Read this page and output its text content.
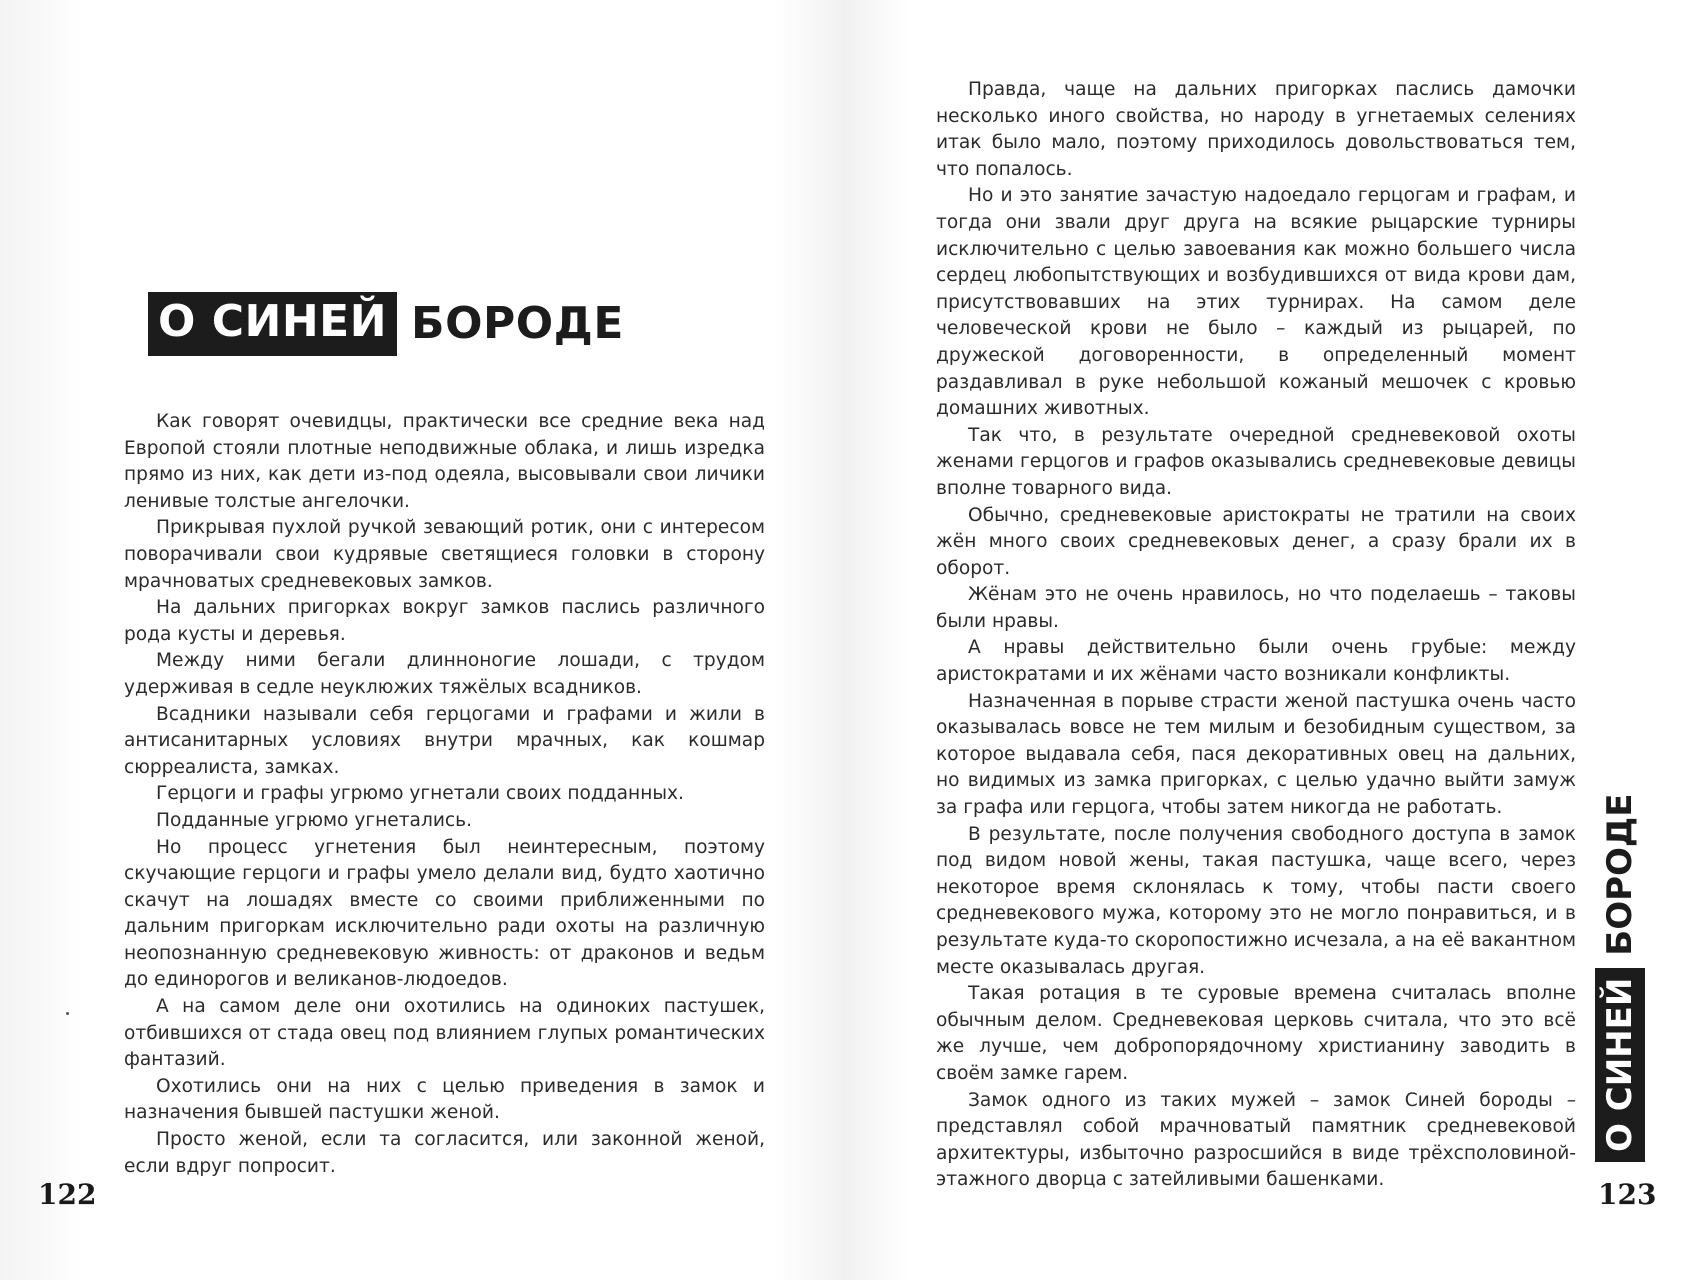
О СИНЕЙ БОРОДЕ

Как говорят очевидцы, практически все средние века над Европой стояли плотные неподвижные облака, и лишь изредка прямо из них, как дети из-под одеяла, высовывали свои личики ленивые толстые ангелочки.

Прикрывая пухлой ручкой зевающий ротик, они с интересом поворачивали свои кудрявые светящиеся головки в сторону мрачноватых средневековых замков.

На дальних пригорках вокруг замков паслись различного рода кусты и деревья.

Между ними бегали длинноногие лошади, с трудом удерживая в седле неуклюжих тяжёлых всадников.

Всадники называли себя герцогами и графами и жили в антисанитарных условиях внутри мрачных, как кошмар сюрреалиста, замках.

Герцоги и графы угрюмо угнетали своих подданных.

Подданные угрюмо угнетались.

Но процесс угнетения был неинтересным, поэтому скучающие герцоги и графы умело делали вид, будто хаотично скачут на лошадях вместе со своими приближенными по дальним пригоркам исключительно ради охоты на различную неопознанную средневековую живность: от драконов и ведьм до единорогов и великанов-людоедов.

А на самом деле они охотились на одиноких пастушек, отбившихся от стада овец под влиянием глупых романтических фантазий.

Охотились они на них с целью приведения в замок и назначения бывшей пастушки женой.

Просто женой, если та согласится, или законной женой, если вдруг попросит.

122

Правда, чаще на дальних пригорках паслись дамочки несколько иного свойства, но народу в угнетаемых селениях итак было мало, поэтому приходилось довольствоваться тем, что попалось.

Но и это занятие зачастую надоедало герцогам и графам, и тогда они звали друг друга на всякие рыцарские турниры исключительно с целью завоевания как можно большего числа сердец любопытствующих и возбудившихся от вида крови дам, присутствовавших на этих турнирах. На самом деле человеческой крови не было – каждый из рыцарей, по дружеской договоренности, в определенный момент раздавливал в руке небольшой кожаный мешочек с кровью домашних животных.

Так что, в результате очередной средневековой охоты женами герцогов и графов оказывались средневековые девицы вполне товарного вида.

Обычно, средневековые аристократы не тратили на своих жён много своих средневековых денег, а сразу брали их в оборот.

Жёнам это не очень нравилось, но что поделаешь – таковы были нравы.

А нравы действительно были очень грубые: между аристократами и их жёнами часто возникали конфликты.

Назначенная в порыве страсти женой пастушка очень часто оказывалась вовсе не тем милым и безобидным существом, за которое выдавала себя, пася декоративных овец на дальних, но видимых из замка пригорках, с целью удачно выйти замуж за графа или герцога, чтобы затем никогда не работать.

В результате, после получения свободного доступа в замок под видом новой жены, такая пастушка, чаще всего, через некоторое время склонялась к тому, чтобы пасти своего средневекового мужа, которому это не могло понравиться, и в результате куда-то скоропостижно исчезала, а на её вакантном месте оказывалась другая.

Такая ротация в те суровые времена считалась вполне обычным делом. Средневековая церковь считала, что это всё же лучше, чем добропорядочному христианину заводить в своём замке гарем.

Замок одного из таких мужей – замок Синей бороды – представлял собой мрачноватый памятник средневековой архитектуры, избыточно разросшийся в виде трёхсполовиной-этажного дворца с затейливыми башенками.

О СИНЕЙ
БОРОДЕ
123
